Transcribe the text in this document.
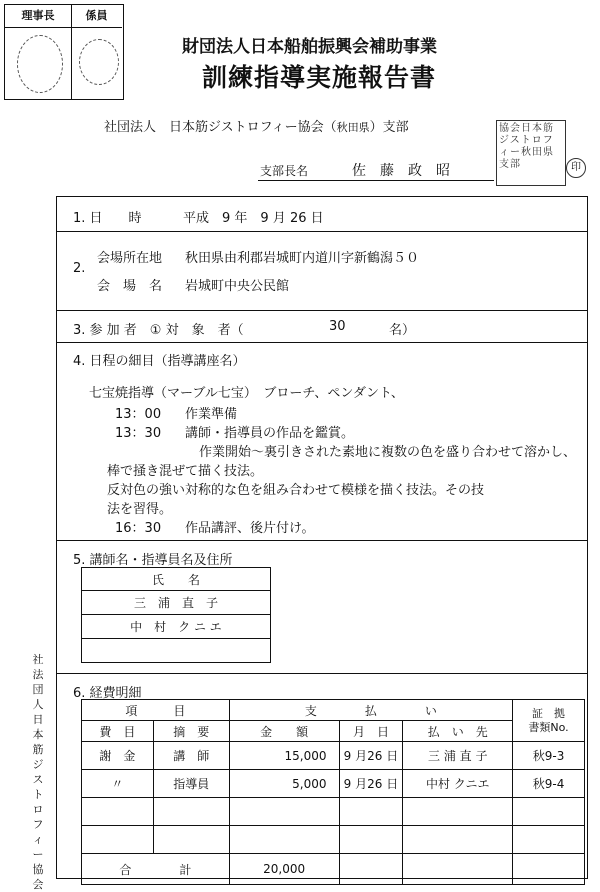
理事長	係員
財団法人日本船舶振興会補助事業
訓練指導実施報告書
社団法人　日本筋ジストロフィー協会（秋田県）支部	協会日本筋ジストロフィー秋田県支部	印
支部長名	佐　藤　政　昭
1. 日　　時	平成　9 年　9 月 26 日
2.
会場所在地 秋田県由利郡岩城町内道川字新鶴潟５０
会　場　名 岩城町中央公民館
3. 参 加 者　① 対　象　者（	30	名）
4. 日程の細目（指導講座名）
七宝焼指導（マーブル七宝）　ブローチ、ペンダント、
13：00	作業準備
13：30	講師・指導員の作品を鑑賞。
作業開始～裏引きされた素地に複数の色を盛り合わせて溶かし、
棒で掻き混ぜて描く技法。
反対色の強い対称的な色を組み合わせて模様を描く技法。その技
法を習得。
16：30	作品講評、後片付け。
5. 講師名・指導員名及住所
氏　　名
三　浦　直　子
中　村　ク ニ エ

6. 経費明細
項　　　目		支　　　　払　　　　い			証　拠
書類No.
費　目	摘　要	金　　額	月　日	払　い　先	
謝　金	講　師	15,000	9 月26 日	三 浦 直 子	秋9-3
〃	指導員	5,000	9 月26 日	中村 クニエ	秋9-4

合　　　　 計		20,000			
社法団人日本筋ジストロフィー協会
